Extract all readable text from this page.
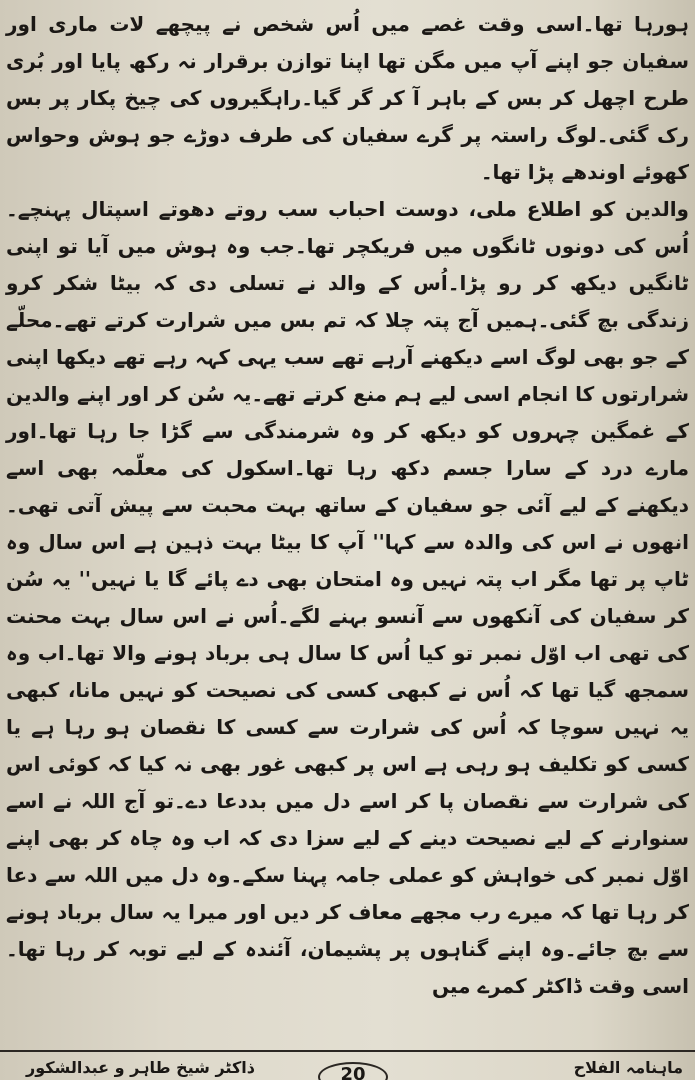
ہورہا تھا۔اسی وقت غصے میں اُس شخص نے پیچھے لات ماری اور سفیان جو اپنے آپ میں مگن تھا اپنا توازن برقرار نہ رکھ پایا اور بُری طرح اچھل کر بس کے باہر آ کر گر گیا۔راہگیروں کی چیخ پکار پر بس رک گئی۔لوگ راستہ پر گرے سفیان کی طرف دوڑے جو ہوش وحواس کھوئے اوندھے پڑا تھا۔

والدین کو اطلاع ملی، دوست احباب سب روتے دھوتے اسپتال پہنچے۔اُس کی دونوں ٹانگوں میں فریکچر تھا۔جب وہ ہوش میں آیا تو اپنی ٹانگیں دیکھ کر رو پڑا۔اُس کے والد نے تسلی دی کہ بیٹا شکر کرو زندگی بچ گئی۔ہمیں آج پتہ چلا کہ تم بس میں شرارت کرتے تھے۔محلّے کے جو بھی لوگ اسے دیکھنے آرہے تھے سب یہی کہہ رہے تھے دیکھا اپنی شرارتوں کا انجام اسی لیے ہم منع کرتے تھے۔یہ سُن کر اور اپنے والدین کے غمگین چہروں کو دیکھ کر وہ شرمندگی سے گڑا جا رہا تھا۔اور مارے درد کے سارا جسم دکھ رہا تھا۔اسکول کی معلّمہ بھی اسے دیکھنے کے لیے آئی جو سفیان کے ساتھ بہت محبت سے پیش آتی تھی۔انھوں نے اس کی والدہ سے کہا'' آپ کا بیٹا بہت ذہین ہے اس سال وہ ٹاپ پر تھا مگر اب پتہ نہیں وہ امتحان بھی دے پائے گا یا نہیں'' یہ سُن کر سفیان کی آنکھوں سے آنسو بہنے لگے۔اُس نے اس سال بہت محنت کی تھی اب اوّل نمبر تو کیا اُس کا سال ہی برباد ہونے والا تھا۔اب وہ سمجھ گیا تھا کہ اُس نے کبھی کسی کی نصیحت کو نہیں مانا، کبھی یہ نہیں سوچا کہ اُس کی شرارت سے کسی کا نقصان ہو رہا ہے یا کسی کو تکلیف ہو رہی ہے اس پر کبھی غور بھی نہ کیا کہ کوئی اس کی شرارت سے نقصان پا کر اسے دل میں بددعا دے۔تو آج اللہ نے اسے سنوارنے کے لیے نصیحت دینے کے لیے سزا دی کہ اب وہ چاہ کر بھی اپنے اوّل نمبر کی خواہش کو عملی جامہ پہنا سکے۔وہ دل میں اللہ سے دعا کر رہا تھا کہ میرے رب مجھے معاف کر دیں اور میرا یہ سال برباد ہونے سے بچ جائے۔وہ اپنے گناہوں پر پشیمان، آئندہ کے لیے توبہ کر رہا تھا۔اسی وقت ڈاکٹر کمرے میں

ماہنامہ الفلاح
20
ذاکٹر شیخ طاہر و عبدالشکور
